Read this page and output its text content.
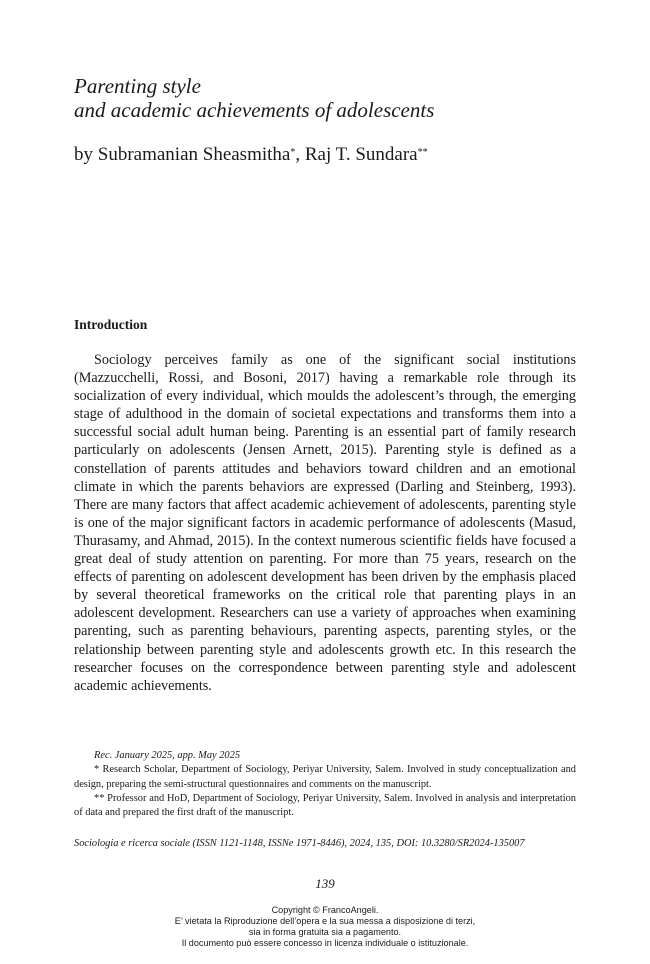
Parenting style
and academic achievements of adolescents

by Subramanian Sheasmitha*, Raj T. Sundara**

Introduction

Sociology perceives family as one of the significant social institutions (Mazzucchelli, Rossi, and Bosoni, 2017) having a remarkable role through its socialization of every individual, which moulds the adolescent’s through, the emerging stage of adulthood in the domain of societal expectations and transforms them into a successful social adult human being. Parenting is an essential part of family research particularly on adolescents (Jensen Arnett, 2015). Parenting style is defined as a constellation of parents attitudes and behaviors toward children and an emotional climate in which the parents behaviors are expressed (Darling and Steinberg, 1993). There are many factors that affect academic achievement of adolescents, parenting style is one of the major significant factors in academic performance of adolescents (Masud, Thurasamy, and Ahmad, 2015). In the context numerous scientific fields have focused a great deal of study attention on parenting. For more than 75 years, research on the effects of parenting on adolescent development has been driven by the emphasis placed by several theoretical frameworks on the critical role that parenting plays in an adolescent development. Researchers can use a variety of approaches when examining parenting, such as parenting behaviours, parenting aspects, parenting styles, or the relationship between parenting style and adolescents growth etc. In this research the researcher focuses on the correspondence between parenting style and adolescent academic achievements.

Rec. January 2025, app. May 2025

* Research Scholar, Department of Sociology, Periyar University, Salem. Involved in study conceptualization and design, preparing the semi-structural questionnaires and comments on the manuscript.

** Professor and HoD, Department of Sociology, Periyar University, Salem. Involved in analysis and interpretation of data and prepared the first draft of the manuscript.

Sociologia e ricerca sociale (ISSN 1121-1148, ISSNe 1971-8446), 2024, 135, DOI: 10.3280/SR2024-135007

139

Copyright © FrancoAngeli.
E’ vietata la Riproduzione dell’opera e la sua messa a disposizione di terzi,
sia in forma gratuita sia a pagamento.
Il documento può essere concesso in licenza individuale o istituzionale.
